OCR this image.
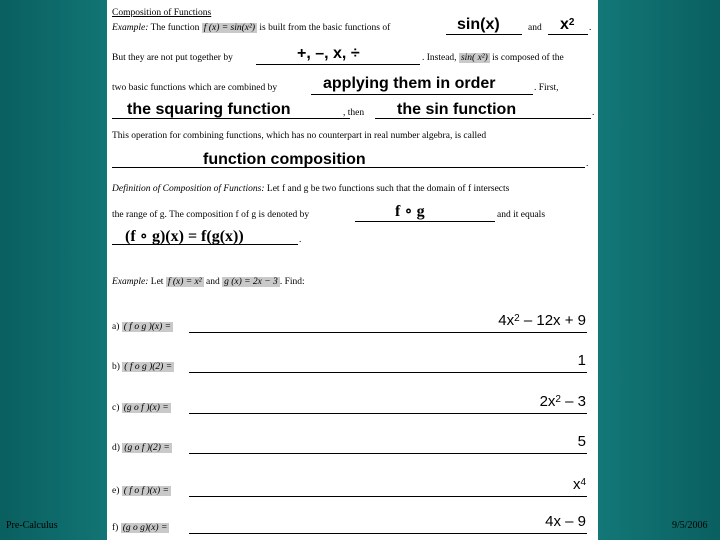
Pre-Calculus	9/5/2006
Composition of Functions
Example: The function f (x) = sin(x²) is built from the basic functions of	sin(x)	and $x^2$ .
But they are not put together by	+, –, x, ÷	. Instead, sin( x²) is composed of the
two basic functions which are combined by	applying them in order	. First,
the squaring function	, then the sin function	.
This operation for combining functions, which has no counterpart in real number algebra, is called
function composition	.
Definition of Composition of Functions: Let f and g be two functions such that the domain of f intersects
the range of g. The composition f of g is denoted by	f ∘ g	and it equals
(f ∘ g)(x) = f(g(x))	.
Example: Let f (x) = x² and g (x) = 2x − 3 . Find:
a) ( f o g )(x) =	$4x^2 - 12x + 9$
b) ( f o g )(2) =	1
c) (g o f )(x) =	$2x^2 - 3$
d) (g o f )(2) =	5
e) ( f o f )(x) =	$x^4$
f) (g o g)(x) =	4x – 9
